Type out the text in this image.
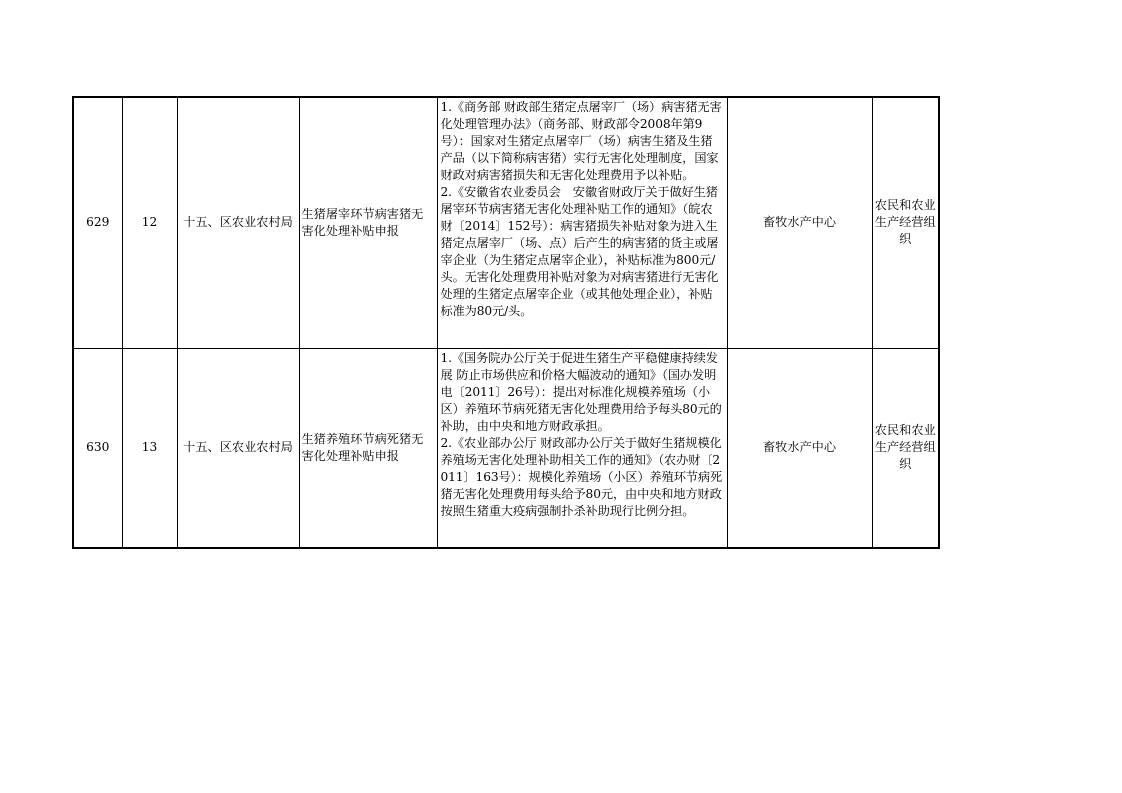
629	12	十五、区农业农村局	生猪屠宰环节病害猪无害化处理补贴申报	1.《商务部 财政部生猪定点屠宰厂（场）病害猪无害化处理管理办法》（商务部、财政部令2008年第9号）：国家对生猪定点屠宰厂（场）病害生猪及生猪产品（以下简称病害猪）实行无害化处理制度，国家财政对病害猪损失和无害化处理费用予以补贴。
2.《安徽省农业委员会　安徽省财政厅关于做好生猪屠宰环节病害猪无害化处理补贴工作的通知》（皖农财〔2014〕152号）：病害猪损失补贴对象为进入生猪定点屠宰厂（场、点）后产生的病害猪的货主或屠宰企业（为生猪定点屠宰企业），补贴标准为800元/头。无害化处理费用补贴对象为对病害猪进行无害化处理的生猪定点屠宰企业（或其他处理企业），补贴标准为80元/头。	畜牧水产中心	农民和农业生产经营组织
630	13	十五、区农业农村局	生猪养殖环节病死猪无害化处理补贴申报	1.《国务院办公厅关于促进生猪生产平稳健康持续发展 防止市场供应和价格大幅波动的通知》（国办发明电〔2011〕26号）：提出对标准化规模养殖场（小区）养殖环节病死猪无害化处理费用给予每头80元的补助，由中央和地方财政承担。
2.《农业部办公厅 财政部办公厅关于做好生猪规模化养殖场无害化处理补助相关工作的通知》（农办财〔2011〕163号）：规模化养殖场（小区）养殖环节病死猪无害化处理费用每头给予80元，由中央和地方财政按照生猪重大疫病强制扑杀补助现行比例分担。	畜牧水产中心	农民和农业生产经营组织
